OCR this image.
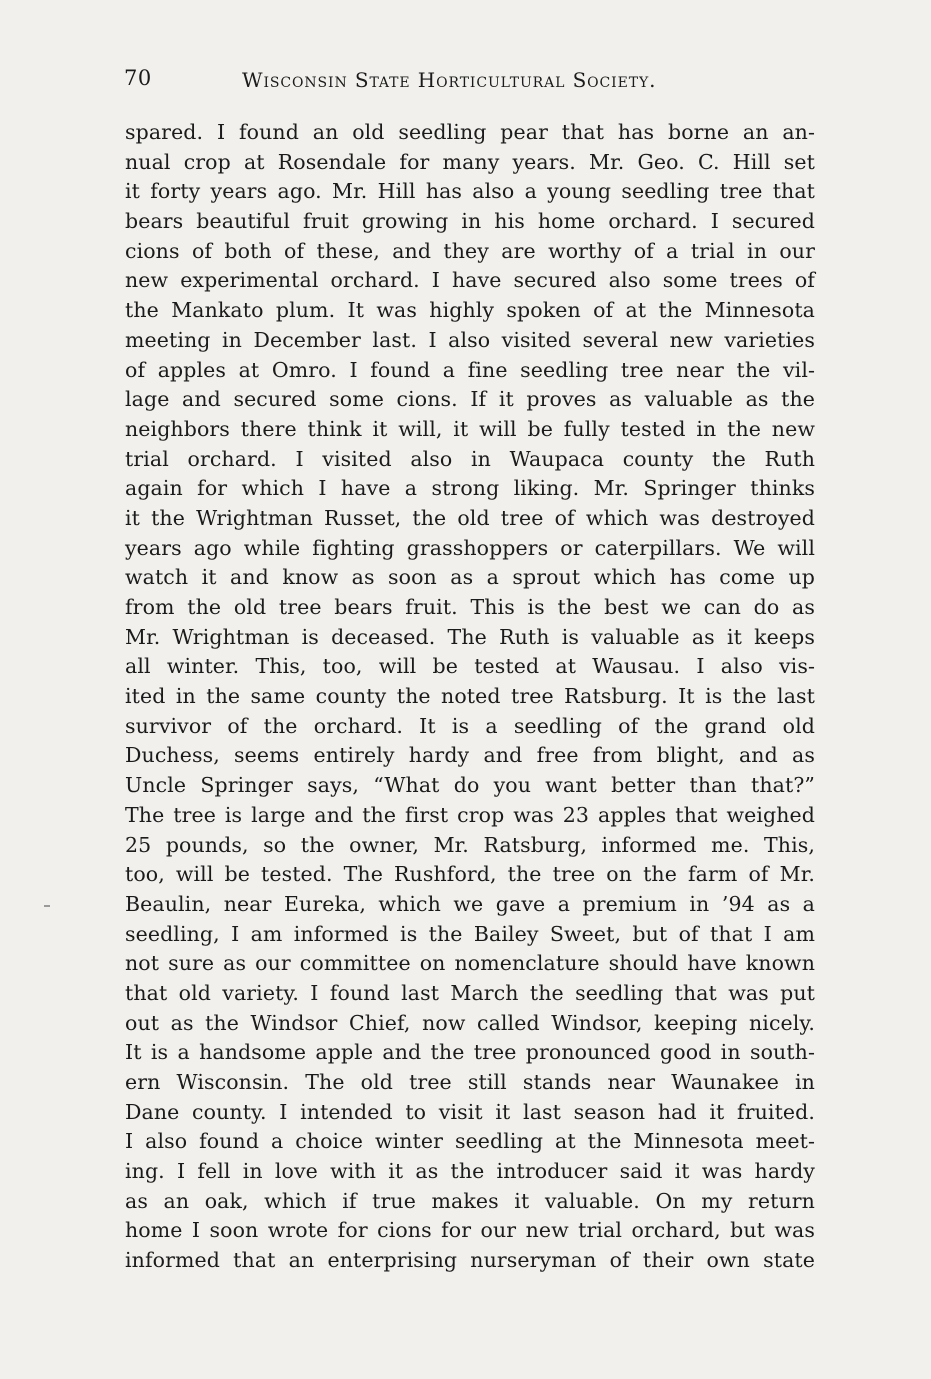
70	Wisconsin State Horticultural Society.
spared. I found an old seedling pear that has borne an an-
nual crop at Rosendale for many years. Mr. Geo. C. Hill set
it forty years ago. Mr. Hill has also a young seedling tree that
bears beautiful fruit growing in his home orchard. I secured
cions of both of these, and they are worthy of a trial in our
new experimental orchard. I have secured also some trees of
the Mankato plum. It was highly spoken of at the Minnesota
meeting in December last. I also visited several new varieties
of apples at Omro. I found a fine seedling tree near the vil-
lage and secured some cions. If it proves as valuable as the
neighbors there think it will, it will be fully tested in the new
trial orchard. I visited also in Waupaca county the Ruth
again for which I have a strong liking. Mr. Springer thinks
it the Wrightman Russet, the old tree of which was destroyed
years ago while fighting grasshoppers or caterpillars. We will
watch it and know as soon as a sprout which has come up
from the old tree bears fruit. This is the best we can do as
Mr. Wrightman is deceased. The Ruth is valuable as it keeps
all winter. This, too, will be tested at Wausau. I also vis-
ited in the same county the noted tree Ratsburg. It is the last
survivor of the orchard. It is a seedling of the grand old
Duchess, seems entirely hardy and free from blight, and as
Uncle Springer says, “What do you want better than that?”
The tree is large and the first crop was 23 apples that weighed
25 pounds, so the owner, Mr. Ratsburg, informed me. This,
too, will be tested. The Rushford, the tree on the farm of Mr.
Beaulin, near Eureka, which we gave a premium in ’94 as a
seedling, I am informed is the Bailey Sweet, but of that I am
not sure as our committee on nomenclature should have known
that old variety. I found last March the seedling that was put
out as the Windsor Chief, now called Windsor, keeping nicely.
It is a handsome apple and the tree pronounced good in south-
ern Wisconsin. The old tree still stands near Waunakee in
Dane county. I intended to visit it last season had it fruited.
I also found a choice winter seedling at the Minnesota meet-
ing. I fell in love with it as the introducer said it was hardy
as an oak, which if true makes it valuable. On my return
home I soon wrote for cions for our new trial orchard, but was
informed that an enterprising nurseryman of their own state
